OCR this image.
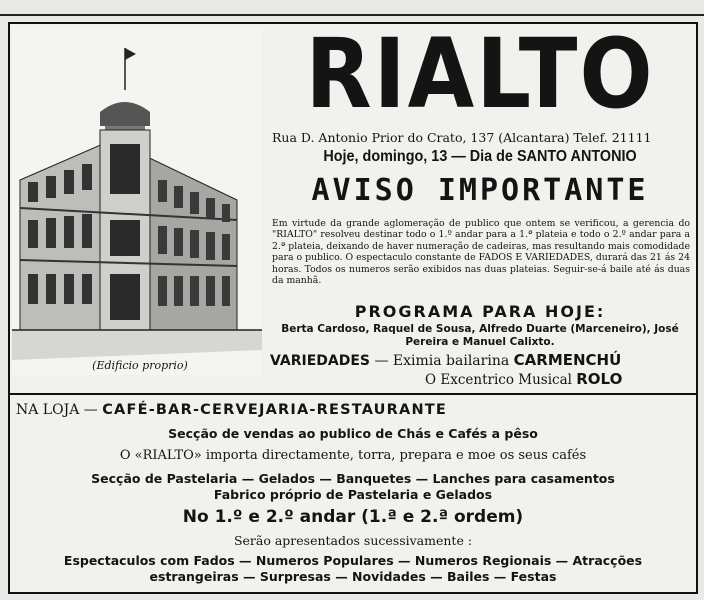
(Edificio proprio)
RIALTO
Rua D. Antonio Prior do Crato, 137 (Alcantara) Telef. 21111
Hoje, domingo, 13 — Dia de SANTO ANTONIO
AVISO IMPORTANTE
Em virtude da grande aglomeração de publico que ontem se verificou, a gerencia do "RIALTO" resolveu destinar todo o 1.º andar para a 1.ª plateia e todo o 2.º andar para a 2.ª plateia, deixando de haver numeração de cadeiras, mas resultando mais comodidade para o publico. O espectaculo constante de FADOS E VARIEDADES, durará das 21 ás 24 horas. Todos os numeros serão exibidos nas duas plateias. Seguir-se-á baile até ás duas da manhã.
PROGRAMA PARA HOJE:
Berta Cardoso, Raquel de Sousa, Alfredo Duarte (Marceneiro), José Pereira e Manuel Calixto.
VARIEDADES — Eximia bailarina CARMENCHÚ
O Excentrico Musical ROLO
NA LOJA — CAFÉ-BAR-CERVEJARIA-RESTAURANTE
Secção de vendas ao publico de Chás e Cafés a pêso
O «RIALTO» importa directamente, torra, prepara e moe os seus cafés
Secção de Pastelaria — Gelados — Banquetes — Lanches para casamentos
Fabrico próprio de Pastelaria e Gelados
No 1.º e 2.º andar (1.ª e 2.ª ordem)
Serão apresentados sucessivamente :
Espectaculos com Fados — Numeros Populares — Numeros Regionais — Atracções
estrangeiras — Surpresas — Novidades — Bailes — Festas
